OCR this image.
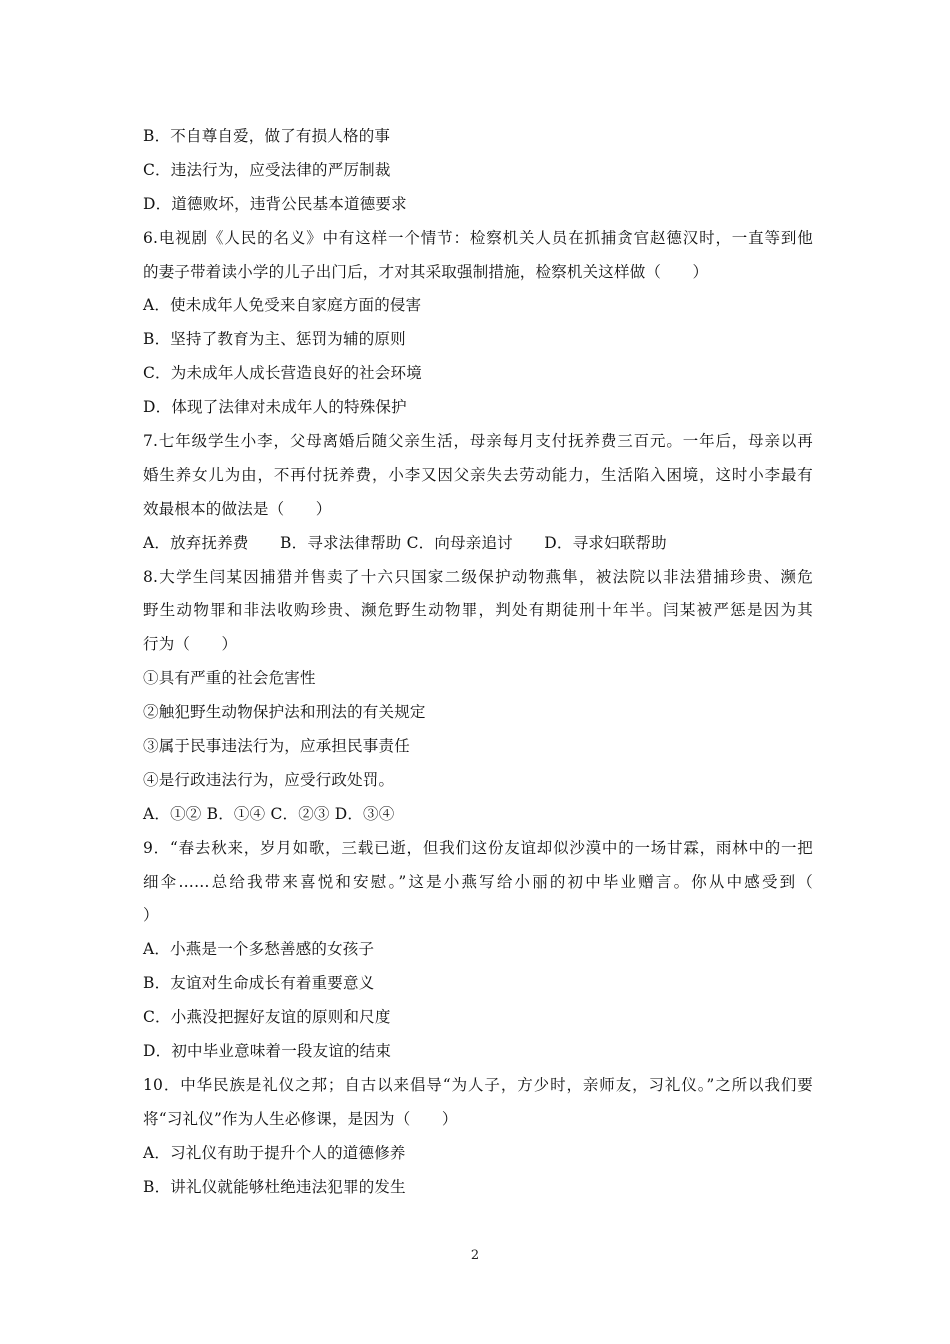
B．不自尊自爱，做了有损人格的事
C．违法行为，应受法律的严厉制裁
D．道德败坏，违背公民基本道德要求
6.电视剧《人民的名义》中有这样一个情节：检察机关人员在抓捕贪官赵德汉时，一直等到他
的妻子带着读小学的儿子出门后，才对其采取强制措施，检察机关这样做（　　）
A．使未成年人免受来自家庭方面的侵害
B．坚持了教育为主、惩罚为辅的原则
C．为未成年人成长营造良好的社会环境
D．体现了法律对未成年人的特殊保护
7.七年级学生小李，父母离婚后随父亲生活，母亲每月支付抚养费三百元。一年后，母亲以再
婚生养女儿为由，不再付抚养费，小李又因父亲失去劳动能力，生活陷入困境，这时小李最有
效最根本的做法是（　　）
A．放弃抚养费　　B．寻求法律帮助 C．向母亲追讨　　D．寻求妇联帮助
8.大学生闫某因捕猎并售卖了十六只国家二级保护动物燕隼，被法院以非法猎捕珍贵、濒危
野生动物罪和非法收购珍贵、濒危野生动物罪，判处有期徒刑十年半。闫某被严惩是因为其
行为（　　）
①具有严重的社会危害性
②触犯野生动物保护法和刑法的有关规定
③属于民事违法行为，应承担民事责任
④是行政违法行为，应受行政处罚。
A．①② B．①④ C．②③ D．③④
9．“春去秋来，岁月如歌，三载已逝，但我们这份友谊却似沙漠中的一场甘霖，雨林中的一把
细伞……总给我带来喜悦和安慰。”这是小燕写给小丽的初中毕业赠言。你从中感受到（
）
A．小燕是一个多愁善感的女孩子
B．友谊对生命成长有着重要意义
C．小燕没把握好友谊的原则和尺度
D．初中毕业意味着一段友谊的结束
10．中华民族是礼仪之邦；自古以来倡导“为人子，方少时，亲师友，习礼仪。”之所以我们要
将“习礼仪”作为人生必修课，是因为（　　）
A．习礼仪有助于提升个人的道德修养
B．讲礼仪就能够杜绝违法犯罪的发生
2
